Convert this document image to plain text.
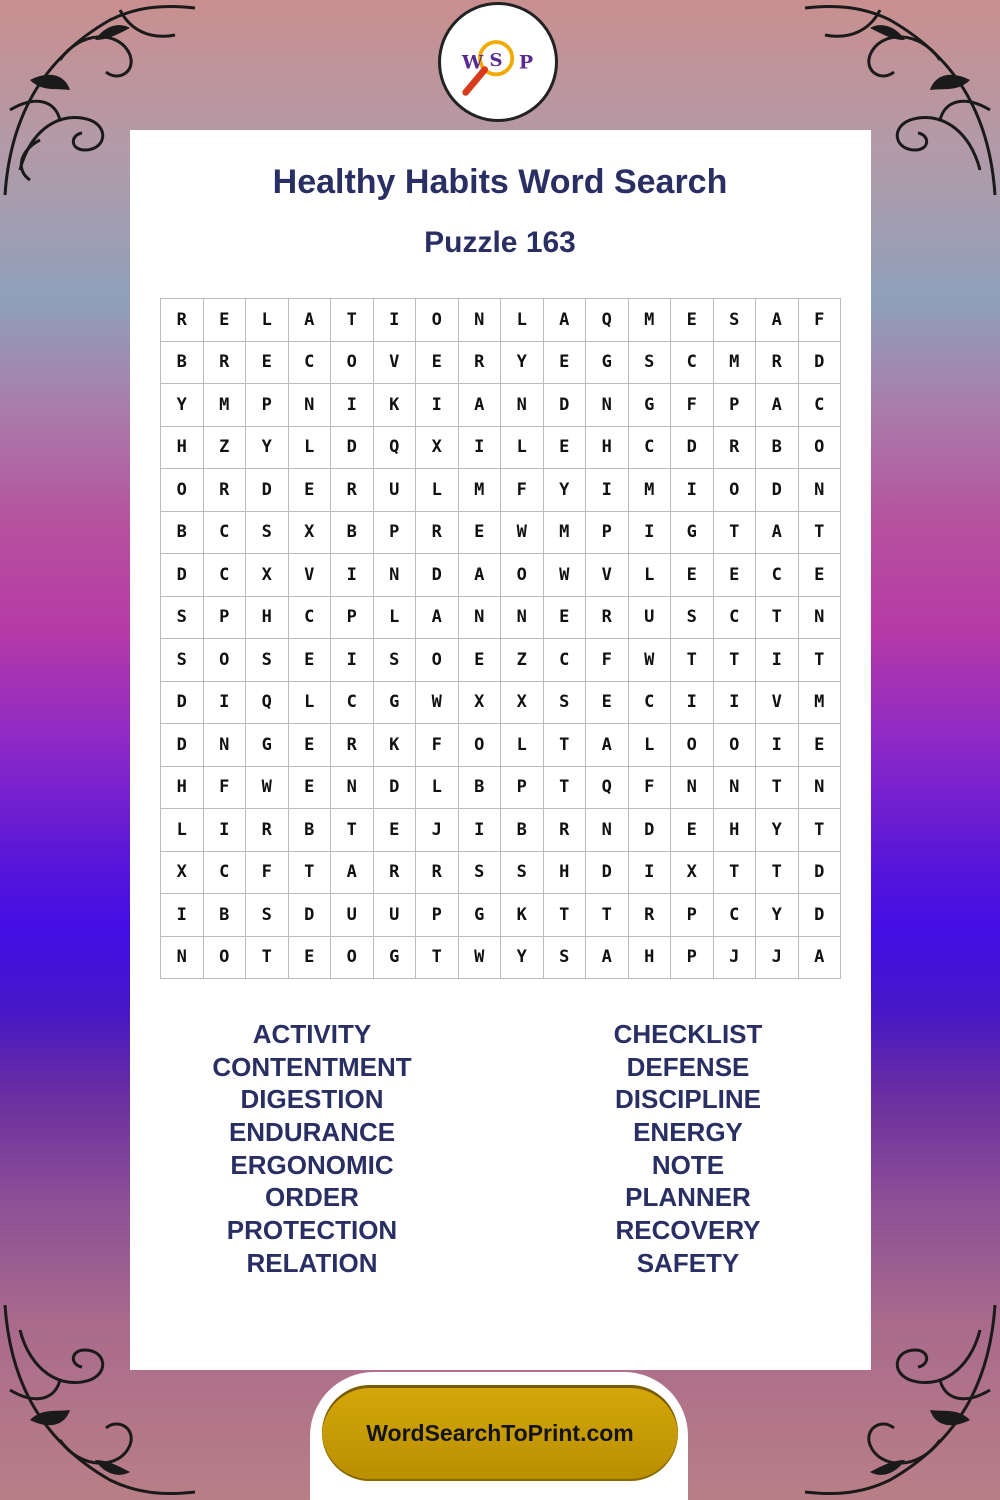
W S P
Healthy Habits Word Search
Puzzle 163
R	E	L	A	T	I	O	N	L	A	Q	M	E	S	A	F
B	R	E	C	O	V	E	R	Y	E	G	S	C	M	R	D
Y	M	P	N	I	K	I	A	N	D	N	G	F	P	A	C
H	Z	Y	L	D	Q	X	I	L	E	H	C	D	R	B	O
O	R	D	E	R	U	L	M	F	Y	I	M	I	O	D	N
B	C	S	X	B	P	R	E	W	M	P	I	G	T	A	T
D	C	X	V	I	N	D	A	O	W	V	L	E	E	C	E
S	P	H	C	P	L	A	N	N	E	R	U	S	C	T	N
S	O	S	E	I	S	O	E	Z	C	F	W	T	T	I	T
D	I	Q	L	C	G	W	X	X	S	E	C	I	I	V	M
D	N	G	E	R	K	F	O	L	T	A	L	O	O	I	E
H	F	W	E	N	D	L	B	P	T	Q	F	N	N	T	N
L	I	R	B	T	E	J	I	B	R	N	D	E	H	Y	T
X	C	F	T	A	R	R	S	S	H	D	I	X	T	T	D
I	B	S	D	U	U	P	G	K	T	T	R	P	C	Y	D
N	O	T	E	O	G	T	W	Y	S	A	H	P	J	J	A
ACTIVITY
CONTENTMENT
DIGESTION
ENDURANCE
ERGONOMIC
ORDER
PROTECTION
RELATION
CHECKLIST
DEFENSE
DISCIPLINE
ENERGY
NOTE
PLANNER
RECOVERY
SAFETY
WordSearchToPrint.com
